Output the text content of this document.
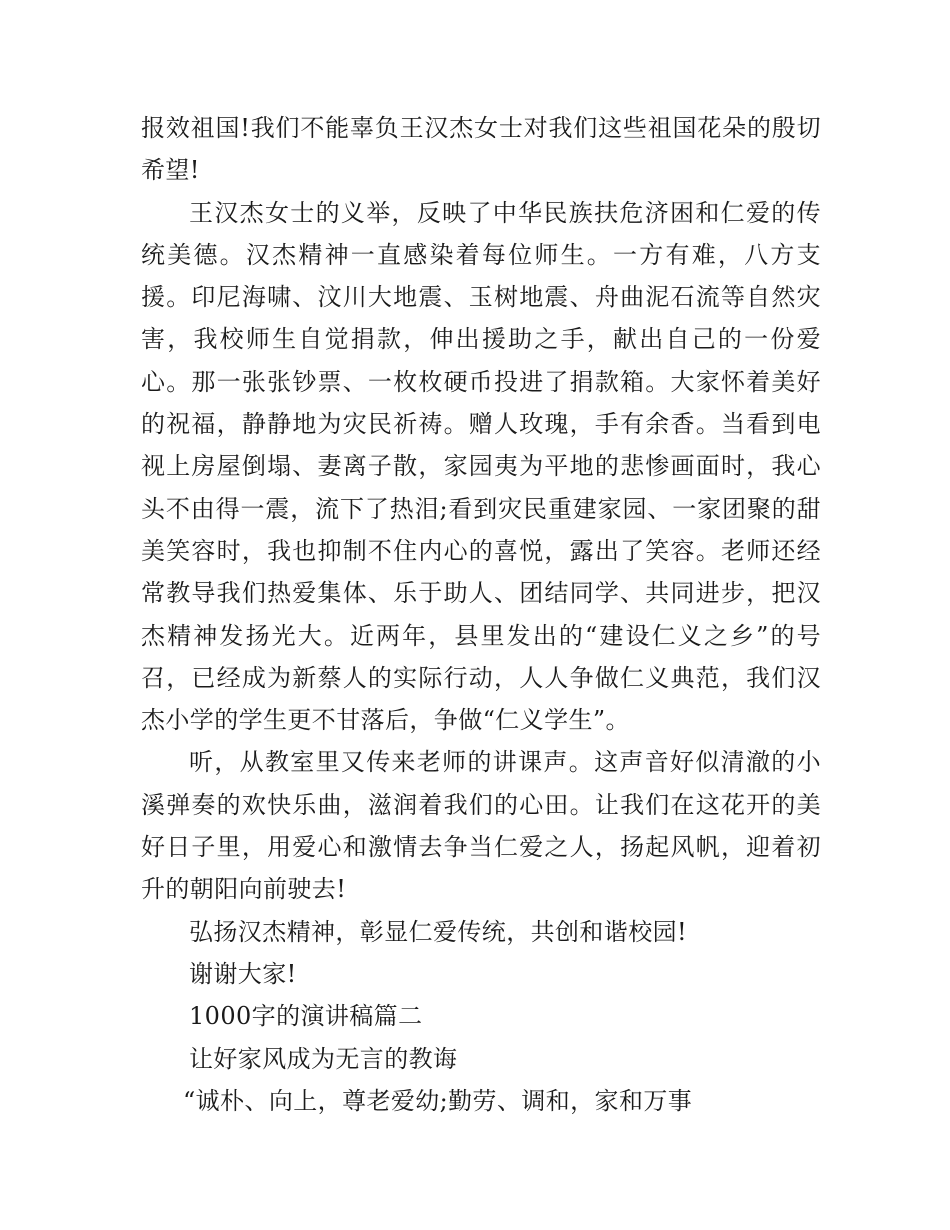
报效祖国!我们不能辜负王汉杰女士对我们这些祖国花朵的殷切希望!

王汉杰女士的义举，反映了中华民族扶危济困和仁爱的传统美德。汉杰精神一直感染着每位师生。一方有难，八方支援。印尼海啸、汶川大地震、玉树地震、舟曲泥石流等自然灾害，我校师生自觉捐款，伸出援助之手，献出自己的一份爱心。那一张张钞票、一枚枚硬币投进了捐款箱。大家怀着美好的祝福，静静地为灾民祈祷。赠人玫瑰，手有余香。当看到电视上房屋倒塌、妻离子散，家园夷为平地的悲惨画面时，我心头不由得一震，流下了热泪;看到灾民重建家园、一家团聚的甜美笑容时，我也抑制不住内心的喜悦，露出了笑容。老师还经常教导我们热爱集体、乐于助人、团结同学、共同进步，把汉杰精神发扬光大。近两年，县里发出的“建设仁义之乡”的号召，已经成为新蔡人的实际行动，人人争做仁义典范，我们汉杰小学的学生更不甘落后，争做“仁义学生”。

听，从教室里又传来老师的讲课声。这声音好似清澈的小溪弹奏的欢快乐曲，滋润着我们的心田。让我们在这花开的美好日子里，用爱心和激情去争当仁爱之人，扬起风帆，迎着初升的朝阳向前驶去!

弘扬汉杰精神，彰显仁爱传统，共创和谐校园!

谢谢大家!

1000字的演讲稿篇二

让好家风成为无言的教诲

“诚朴、向上，尊老爱幼;勤劳、调和，家和万事
